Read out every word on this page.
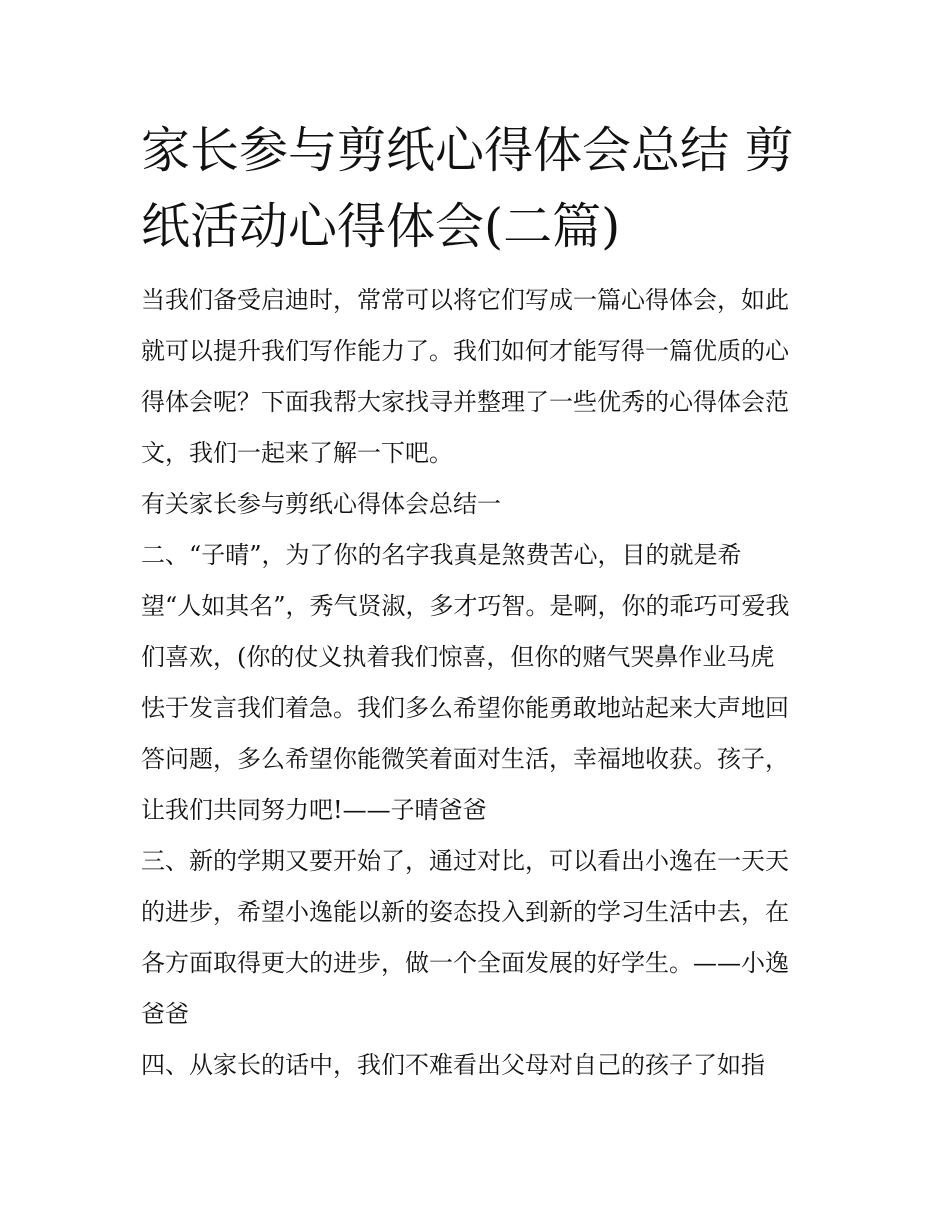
家长参与剪纸心得体会总结 剪
纸活动心得体会(二篇)
当我们备受启迪时，常常可以将它们写成一篇心得体会，如此
就可以提升我们写作能力了。我们如何才能写得一篇优质的心
得体会呢？下面我帮大家找寻并整理了一些优秀的心得体会范
文，我们一起来了解一下吧。
有关家长参与剪纸心得体会总结一
二、“子晴”，为了你的名字我真是煞费苦心，目的就是希
望“人如其名”，秀气贤淑，多才巧智。是啊，你的乖巧可爱我
们喜欢，(你的仗义执着我们惊喜，但你的赌气哭鼻作业马虎
怯于发言我们着急。我们多么希望你能勇敢地站起来大声地回
答问题，多么希望你能微笑着面对生活，幸福地收获。孩子，
让我们共同努力吧!——子晴爸爸
三、新的学期又要开始了，通过对比，可以看出小逸在一天天
的进步，希望小逸能以新的姿态投入到新的学习生活中去，在
各方面取得更大的进步，做一个全面发展的好学生。——小逸
爸爸
四、从家长的话中，我们不难看出父母对自己的孩子了如指
